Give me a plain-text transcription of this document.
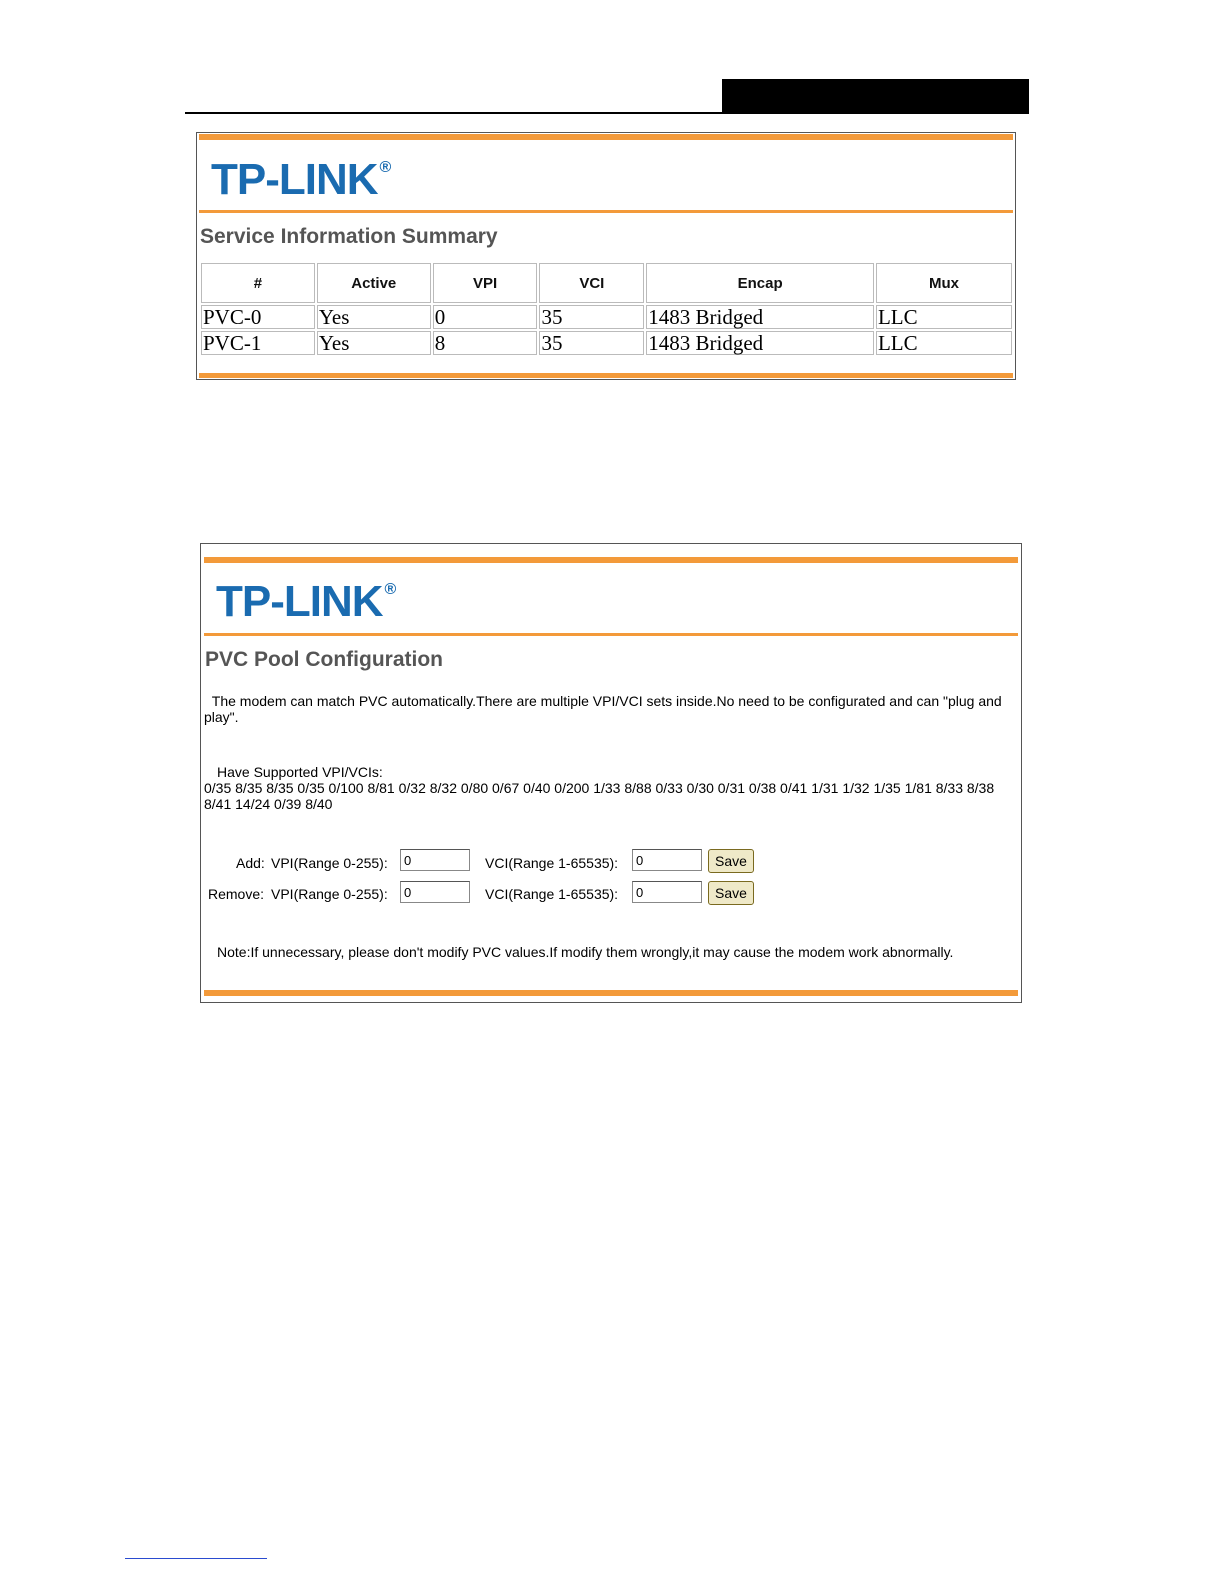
TP-LINK ®
Service Information Summary
#	Active	VPI	VCI	Encap	Mux
PVC-0	Yes	0	35	1483 Bridged	LLC
PVC-1	Yes	8	35	1483 Bridged	LLC
TP-LINK ®
PVC Pool Configuration
The modem can match PVC automatically.There are multiple VPI/VCI sets inside.No need to be configurated and can "plug and play".
Have Supported VPI/VCIs:
0/35 8/35 8/35 0/35 0/100 8/81 0/32 8/32 0/80 0/67 0/40 0/200 1/33 8/88 0/33 0/30 0/31 0/38 0/41 1/31 1/32 1/35 1/81 8/33 8/38 8/41 14/24 0/39 8/40
Add: VPI(Range 0-255):
0	VCI(Range 1-65535):
0	Save
Remove: VPI(Range 0-255):
0	VCI(Range 1-65535):
0	Save
Note:If unnecessary, please don't modify PVC values.If modify them wrongly,it may cause the modem work abnormally.
